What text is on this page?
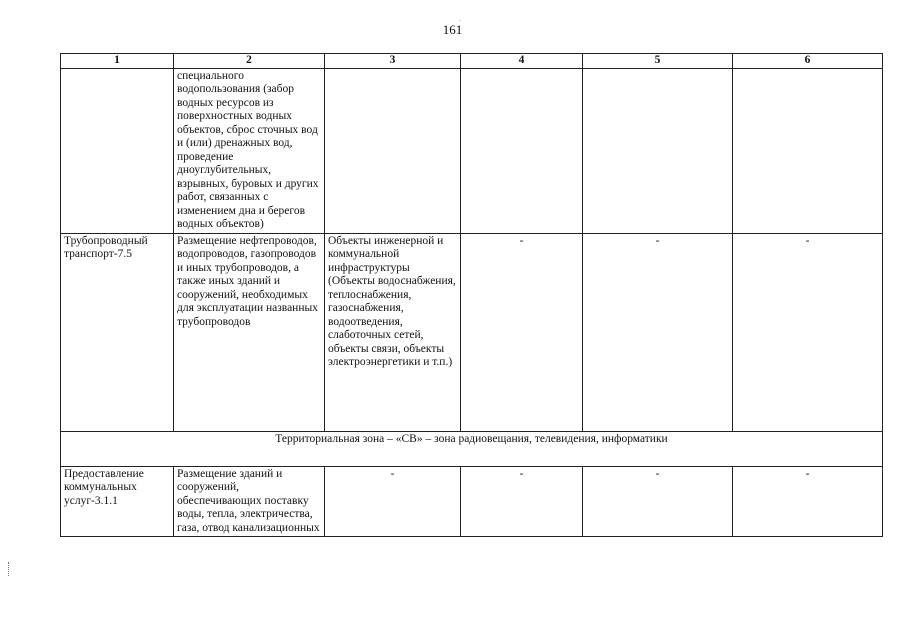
.
161
1	2	3	4	5	6
	специального водопользования (забор водных ресурсов из поверхностных водных объектов, сброс сточных вод и (или) дренажных вод, проведение дноуглубительных, взрывных, буровых и других работ, связанных с изменением дна и берегов водных объектов)				
Трубопроводный транспорт-7.5	Размещение нефтепроводов, водопроводов, газопроводов и иных трубопроводов, а также иных зданий и сооружений, необходимых для эксплуатации названных трубопроводов	Объекты инженерной и коммунальной инфраструктуры (Объекты водоснабжения, теплоснабжения, газоснабжения, водоотведения, слаботочных сетей, объекты связи, объекты электроэнергетики и т.п.)	-	-	-
Территориальная зона – «СВ» – зона радиовещания, телевидения, информатики					
Предоставление коммунальных услуг-3.1.1	Размещение зданий и сооружений, обеспечивающих поставку воды, тепла, электричества, газа, отвод канализационных	-	-	-	-
